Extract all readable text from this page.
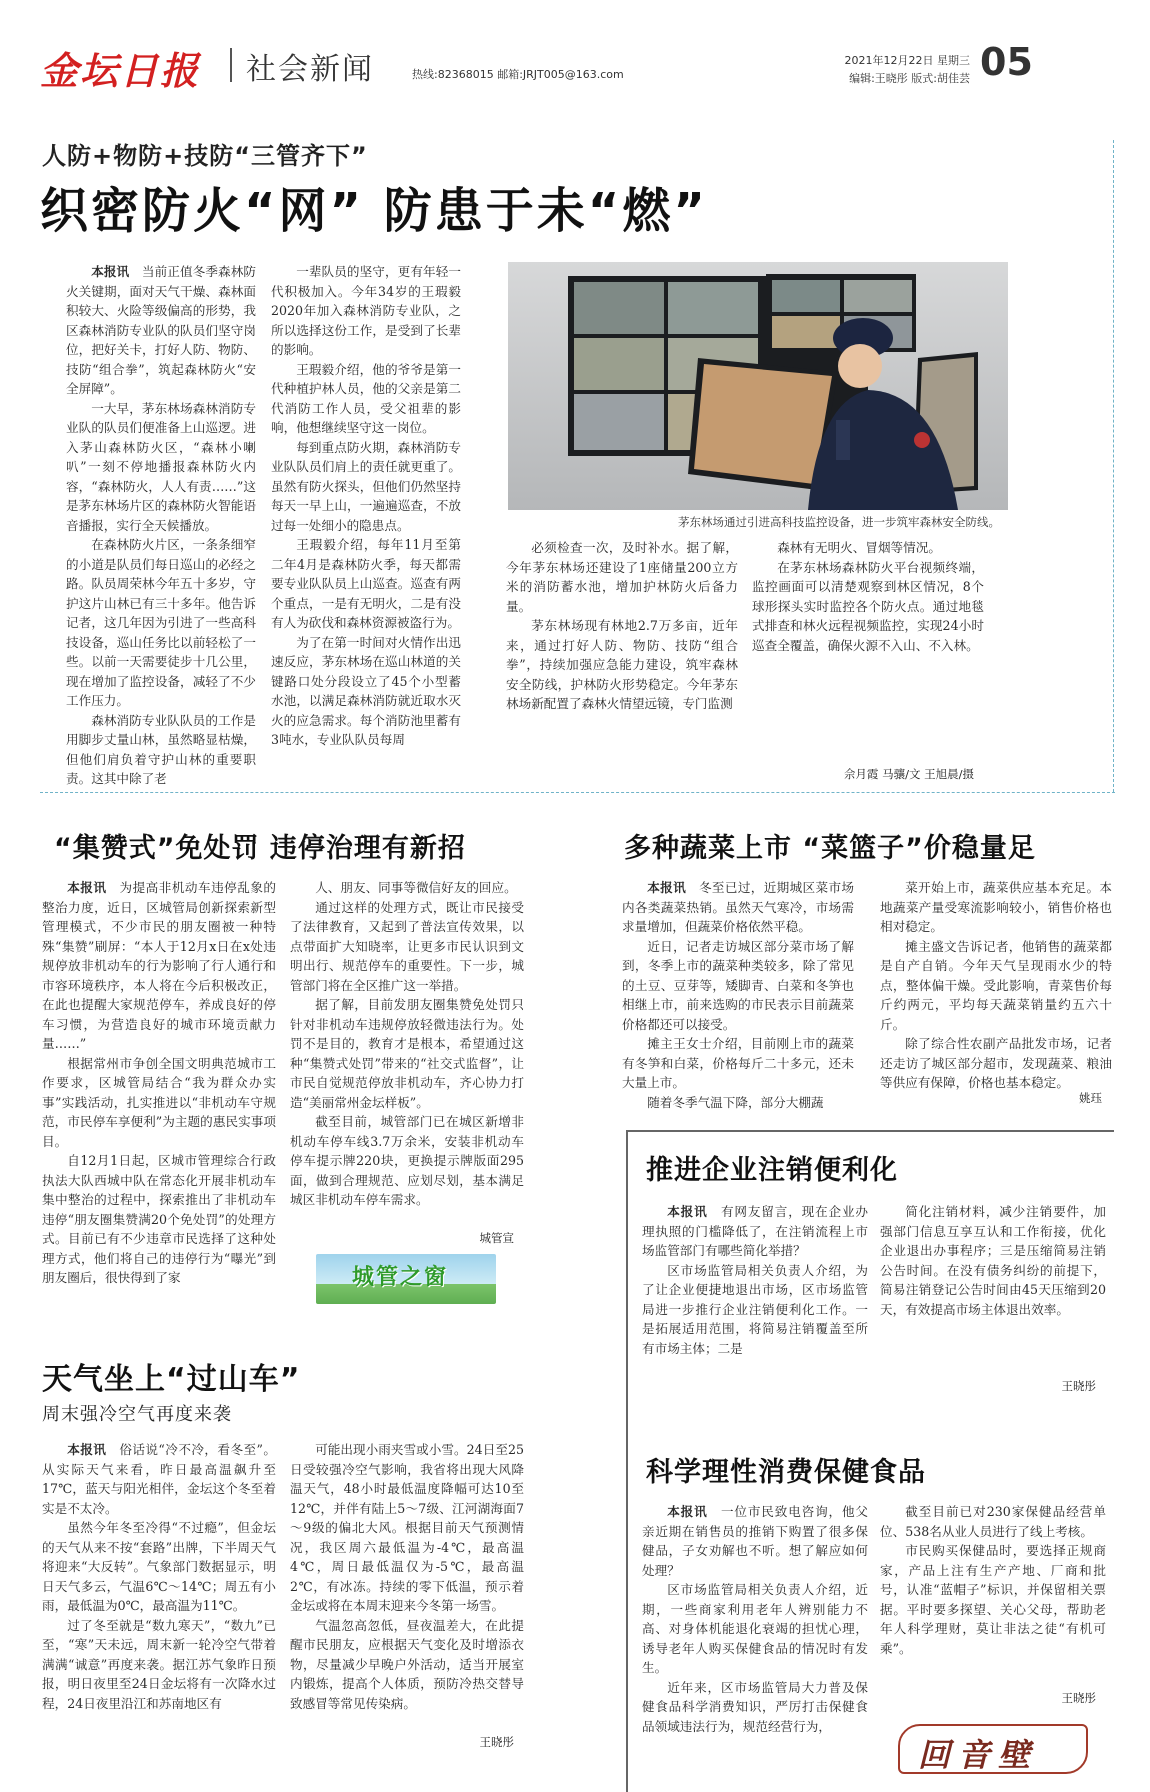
金坛日报 社会新闻	热线:82368015 邮箱:JRJT005@163.com
2021年12月22日 星期三
编辑:王晓彤 版式:胡佳芸 05
人防+物防+技防“三管齐下”
织密防火“网” 防患于未“燃”

本报讯  当前正值冬季森林防火关键期，面对天气干燥、森林面积较大、火险等级偏高的形势，我区森林消防专业队的队员们坚守岗位，把好关卡，打好人防、物防、技防“组合拳”，筑起森林防火“安全屏障”。

一大早，茅东林场森林消防专业队的队员们便准备上山巡逻。进入茅山森林防火区，“森林小喇叭”一刻不停地播报森林防火内容，“森林防火，人人有责……”这是茅东林场片区的森林防火智能语音播报，实行全天候播放。

在森林防火片区，一条条细窄的小道是队员们每日巡山的必经之路。队员周荣林今年五十多岁，守护这片山林已有三十多年。他告诉记者，这几年因为引进了一些高科技设备，巡山任务比以前轻松了一些。以前一天需要徒步十几公里，现在增加了监控设备，减轻了不少工作压力。

森林消防专业队队员的工作是用脚步丈量山林，虽然略显枯燥，但他们肩负着守护山林的重要职责。这其中除了老

一辈队员的坚守，更有年轻一代积极加入。今年34岁的王瑕毅2020年加入森林消防专业队，之所以选择这份工作，是受到了长辈的影响。

王瑕毅介绍，他的爷爷是第一代种植护林人员，他的父亲是第二代消防工作人员，受父祖辈的影响，他想继续坚守这一岗位。

每到重点防火期，森林消防专业队队员们肩上的责任就更重了。虽然有防火探头，但他们仍然坚持每天一早上山，一遍遍巡查，不放过每一处细小的隐患点。

王瑕毅介绍，每年11月至第二年4月是森林防火季，每天都需要专业队队员上山巡查。巡查有两个重点，一是有无明火，二是有没有人为砍伐和森林资源被盗行为。

为了在第一时间对火情作出迅速反应，茅东林场在巡山林道的关键路口处分段设立了45个小型蓄水池，以满足森林消防就近取水灭火的应急需求。每个消防池里蓄有3吨水，专业队队员每周

茅东林场通过引进高科技监控设备，进一步筑牢森林安全防线。

必须检查一次，及时补水。据了解，今年茅东林场还建设了1座储量200立方米的消防蓄水池，增加护林防火后备力量。

茅东林场现有林地2.7万多亩，近年来，通过打好人防、物防、技防“组合拳”，持续加强应急能力建设，筑牢森林安全防线，护林防火形势稳定。今年茅东林场新配置了森林火情望远镜，专门监测

森林有无明火、冒烟等情况。

在茅东林场森林防火平台视频终端，监控画面可以清楚观察到林区情况，8个球形探头实时监控各个防火点。通过地毯式排查和林火远程视频监控，实现24小时巡查全覆盖，确保火源不入山、不入林。

佘月霞 马骧/文 王旭晨/摄
“集赞式”免处罚 违停治理有新招

本报讯  为提高非机动车违停乱象的整治力度，近日，区城管局创新探索新型管理模式，不少市民的朋友圈被一种特殊“集赞”刷屏：“本人于12月x日在x处违规停放非机动车的行为影响了行人通行和市容环境秩序，本人将在今后积极改正，在此也提醒大家规范停车，养成良好的停车习惯，为营造良好的城市环境贡献力量……”

根据常州市争创全国文明典范城市工作要求，区城管局结合“我为群众办实事”实践活动，扎实推进以“非机动车守规范，市民停车享便利”为主题的惠民实事项目。

自12月1日起，区城市管理综合行政执法大队西城中队在常态化开展非机动车集中整治的过程中，探索推出了非机动车违停“朋友圈集赞满20个免处罚”的处理方式。目前已有不少违章市民选择了这种处理方式，他们将自己的违停行为“曝光”到朋友圈后，很快得到了家

人、朋友、同事等微信好友的回应。

通过这样的处理方式，既让市民接受了法律教育，又起到了普法宣传效果，以点带面扩大知晓率，让更多市民认识到文明出行、规范停车的重要性。下一步，城管部门将在全区推广这一举措。

据了解，目前发朋友圈集赞免处罚只针对非机动车违规停放轻微违法行为。处罚不是目的，教育才是根本，希望通过这种“集赞式处罚”带来的“社交式监督”，让市民自觉规范停放非机动车，齐心协力打造“美丽常州金坛样板”。

截至目前，城管部门已在城区新增非机动车停车线3.7万余米，安装非机动车停车提示牌220块，更换提示牌版面295面，做到合理规范、应划尽划，基本满足城区非机动车停车需求。

城管宣
城管之窗
天气坐上“过山车”
周末强冷空气再度来袭

本报讯  俗话说“冷不冷，看冬至”。从实际天气来看，昨日最高温飙升至17℃，蓝天与阳光相伴，金坛这个冬至着实是不太冷。

虽然今年冬至冷得“不过瘾”，但金坛的天气从来不按“套路”出牌，下半周天气将迎来“大反转”。气象部门数据显示，明日天气多云，气温6℃～14℃；周五有小雨，最低温为0℃，最高温为11℃。

过了冬至就是“数九寒天”，“数九”已至，“寒”天未远，周末新一轮冷空气带着满满“诚意”再度来袭。据江苏气象昨日预报，明日夜里至24日金坛将有一次降水过程，24日夜里沿江和苏南地区有

可能出现小雨夹雪或小雪。24日至25日受较强冷空气影响，我省将出现大风降温天气，48小时最低温度降幅可达10至12℃，并伴有陆上5～7级、江河湖海面7～9级的偏北大风。根据目前天气预测情况，我区周六最低温为-4℃，最高温4℃，周日最低温仅为-5℃，最高温2℃，有冰冻。持续的零下低温，预示着金坛或将在本周末迎来今冬第一场雪。

气温忽高忽低，昼夜温差大，在此提醒市民朋友，应根据天气变化及时增添衣物，尽量减少早晚户外活动，适当开展室内锻炼，提高个人体质，预防冷热交替导致感冒等常见传染病。

王晓彤
多种蔬菜上市 “菜篮子”价稳量足

本报讯  冬至已过，近期城区菜市场内各类蔬菜热销。虽然天气寒冷，市场需求量增加，但蔬菜价格依然平稳。

近日，记者走访城区部分菜市场了解到，冬季上市的蔬菜种类较多，除了常见的土豆、豆芽等，矮脚青、白菜和冬笋也相继上市，前来选购的市民表示目前蔬菜价格都还可以接受。

摊主王女士介绍，目前刚上市的蔬菜有冬笋和白菜，价格每斤二十多元，还未大量上市。

随着冬季气温下降，部分大棚蔬

菜开始上市，蔬菜供应基本充足。本地蔬菜产量受寒流影响较小，销售价格也相对稳定。

摊主盛文告诉记者，他销售的蔬菜都是自产自销。今年天气呈现雨水少的特点，整体偏干燥。受此影响，青菜售价每斤约两元，平均每天蔬菜销量约五六十斤。

除了综合性农副产品批发市场，记者还走访了城区部分超市，发现蔬菜、粮油等供应有保障，价格也基本稳定。

姚珏
推进企业注销便利化

本报讯  有网友留言，现在企业办理执照的门槛降低了，在注销流程上市场监管部门有哪些简化举措？

区市场监管局相关负责人介绍，为了让企业便捷地退出市场，区市场监管局进一步推行企业注销便利化工作。一是拓展适用范围，将简易注销覆盖至所有市场主体；二是

简化注销材料，减少注销要件，加强部门信息互享互认和工作衔接，优化企业退出办事程序；三是压缩简易注销公告时间。在没有债务纠纷的前提下，简易注销登记公告时间由45天压缩到20天，有效提高市场主体退出效率。

王晓彤
科学理性消费保健食品

本报讯  一位市民致电咨询，他父亲近期在销售员的推销下购置了很多保健品，子女劝解也不听。想了解应如何处理？

区市场监管局相关负责人介绍，近期，一些商家利用老年人辨别能力不高、对身体机能退化衰竭的担忧心理，诱导老年人购买保健食品的情况时有发生。

近年来，区市场监管局大力普及保健食品科学消费知识，严厉打击保健食品领域违法行为，规范经营行为，

截至目前已对230家保健品经营单位、538名从业人员进行了线上考核。

市民购买保健品时，要选择正规商家，产品上注有生产产地、厂商和批号，认准“蓝帽子”标识，并保留相关票据。平时要多探望、关心父母，帮助老年人科学理财，莫让非法之徒“有机可乘”。

王晓彤
回音壁
